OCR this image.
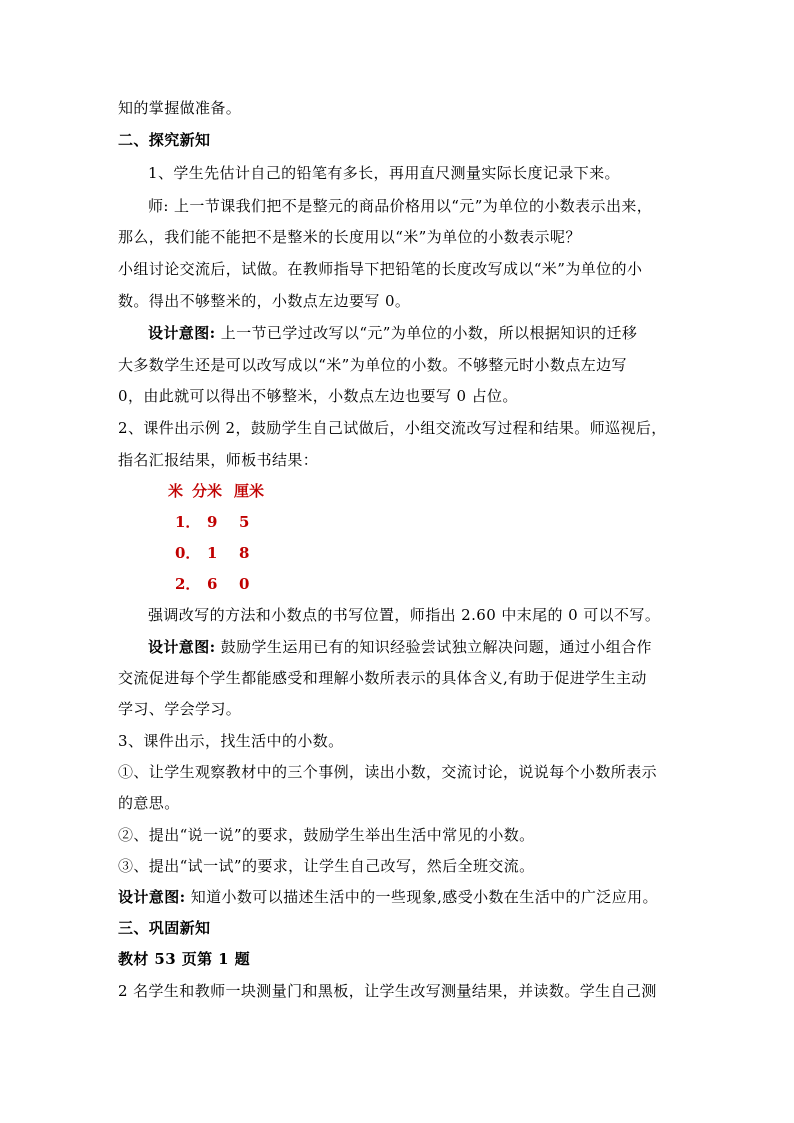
知的掌握做准备。
二、探究新知
1、学生先估计自己的铅笔有多长，再用直尺测量实际长度记录下来。
师: 上一节课我们把不是整元的商品价格用以“元”为单位的小数表示出来，
那么，我们能不能把不是整米的长度用以“米”为单位的小数表示呢？
小组讨论交流后，试做。在教师指导下把铅笔的长度改写成以“米”为单位的小
数。得出不够整米的，小数点左边要写 0。
设计意图: 上一节已学过改写以“元”为单位的小数，所以根据知识的迁移
大多数学生还是可以改写成以“米”为单位的小数。不够整元时小数点左边写
0，由此就可以得出不够整米，小数点左边也要写 0 占位。
2、课件出示例 2，鼓励学生自己试做后，小组交流改写过程和结果。师巡视后，
指名汇报结果，师板书结果：
米 分米 厘米
1． 9 5
0． 1 8
2． 6 0
强调改写的方法和小数点的书写位置，师指出 2.60 中末尾的 0 可以不写。
设计意图: 鼓励学生运用已有的知识经验尝试独立解决问题，通过小组合作
交流促进每个学生都能感受和理解小数所表示的具体含义,有助于促进学生主动
学习、学会学习。
3、课件出示，找生活中的小数。
①、让学生观察教材中的三个事例，读出小数，交流讨论，说说每个小数所表示
的意思。
②、提出“说一说”的要求，鼓励学生举出生活中常见的小数。
③、提出“试一试”的要求，让学生自己改写，然后全班交流。
设计意图: 知道小数可以描述生活中的一些现象,感受小数在生活中的广泛应用。
三、巩固新知
教材 53 页第 1 题
2 名学生和教师一块测量门和黑板，让学生改写测量结果，并读数。学生自己测
